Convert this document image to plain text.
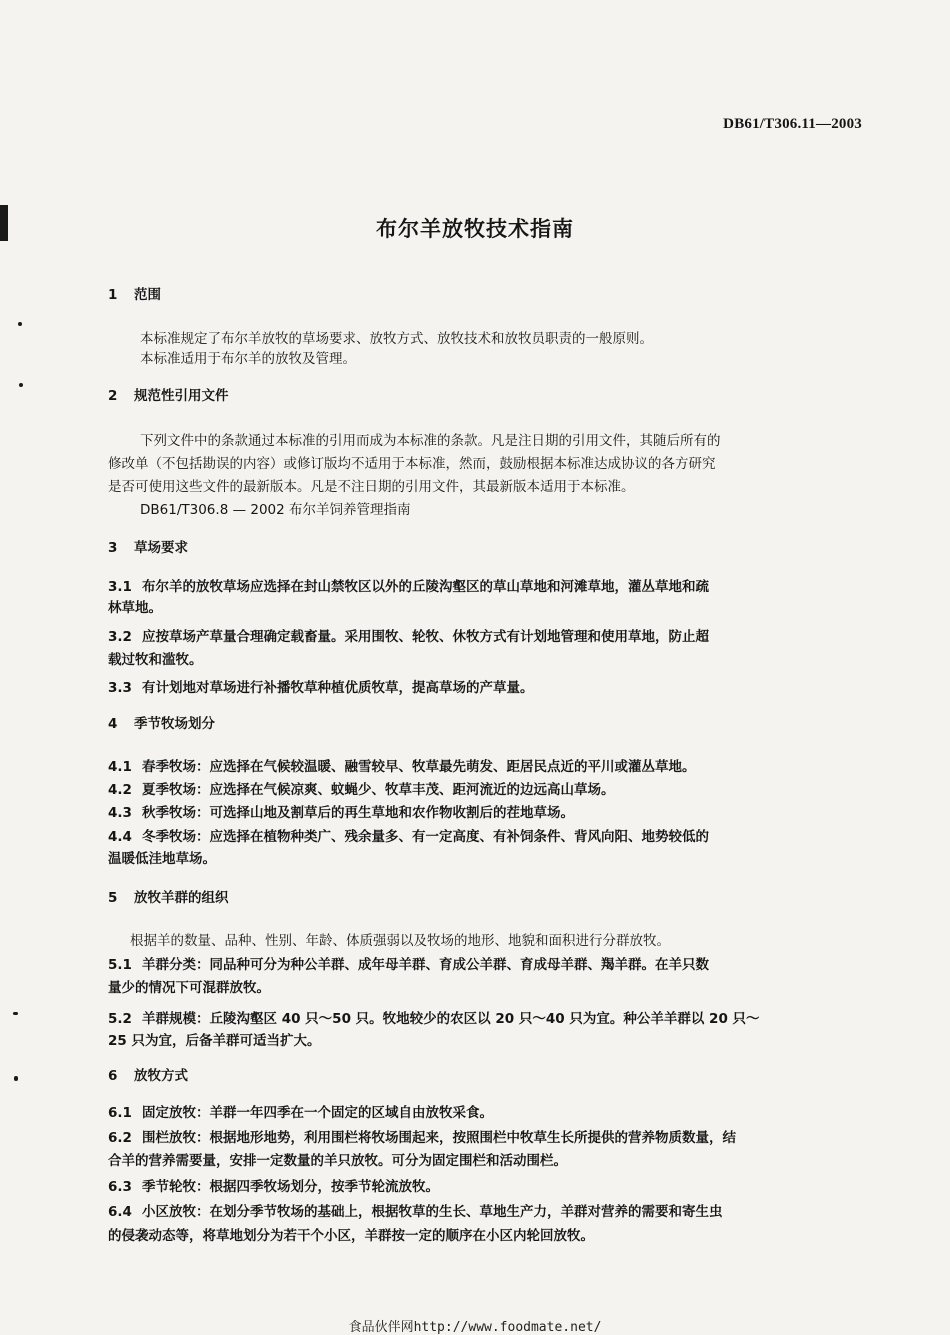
DB61/T306.11—2003
布尔羊放牧技术指南
1 范围
本标准规定了布尔羊放牧的草场要求、放牧方式、放牧技术和放牧员职责的一般原则。
本标准适用于布尔羊的放牧及管理。
2 规范性引用文件
下列文件中的条款通过本标准的引用而成为本标准的条款。凡是注日期的引用文件，其随后所有的
修改单（不包括勘误的内容）或修订版均不适用于本标准，然而，鼓励根据本标准达成协议的各方研究
是否可使用这些文件的最新版本。凡是不注日期的引用文件，其最新版本适用于本标准。
DB61/T306.8 — 2002 布尔羊饲养管理指南
3 草场要求
3.1 布尔羊的放牧草场应选择在封山禁牧区以外的丘陵沟壑区的草山草地和河滩草地，灌丛草地和疏
林草地。
3.2 应按草场产草量合理确定载畜量。采用围牧、轮牧、休牧方式有计划地管理和使用草地，防止超
载过牧和滥牧。
3.3 有计划地对草场进行补播牧草种植优质牧草，提高草场的产草量。
4 季节牧场划分
4.1 春季牧场：应选择在气候较温暖、融雪较早、牧草最先萌发、距居民点近的平川或灌丛草地。
4.2 夏季牧场：应选择在气候凉爽、蚊蝇少、牧草丰茂、距河流近的边远高山草场。
4.3 秋季牧场：可选择山地及割草后的再生草地和农作物收割后的茬地草场。
4.4 冬季牧场：应选择在植物种类广、残余量多、有一定高度、有补饲条件、背风向阳、地势较低的
温暖低洼地草场。
5 放牧羊群的组织
根据羊的数量、品种、性别、年龄、体质强弱以及牧场的地形、地貌和面积进行分群放牧。
5.1 羊群分类：同品种可分为种公羊群、成年母羊群、育成公羊群、育成母羊群、羯羊群。在羊只数
量少的情况下可混群放牧。
5.2 羊群规模：丘陵沟壑区 40 只～50 只。牧地较少的农区以 20 只～40 只为宜。种公羊羊群以 20 只～
25 只为宜，后备羊群可适当扩大。
6 放牧方式
6.1 固定放牧：羊群一年四季在一个固定的区域自由放牧采食。
6.2 围栏放牧：根据地形地势，利用围栏将牧场围起来，按照围栏中牧草生长所提供的营养物质数量，结
合羊的营养需要量，安排一定数量的羊只放牧。可分为固定围栏和活动围栏。
6.3 季节轮牧：根据四季牧场划分，按季节轮流放牧。
6.4 小区放牧：在划分季节牧场的基础上，根据牧草的生长、草地生产力，羊群对营养的需要和寄生虫
的侵袭动态等，将草地划分为若干个小区，羊群按一定的顺序在小区内轮回放牧。
食品伙伴网http://www.foodmate.net/
